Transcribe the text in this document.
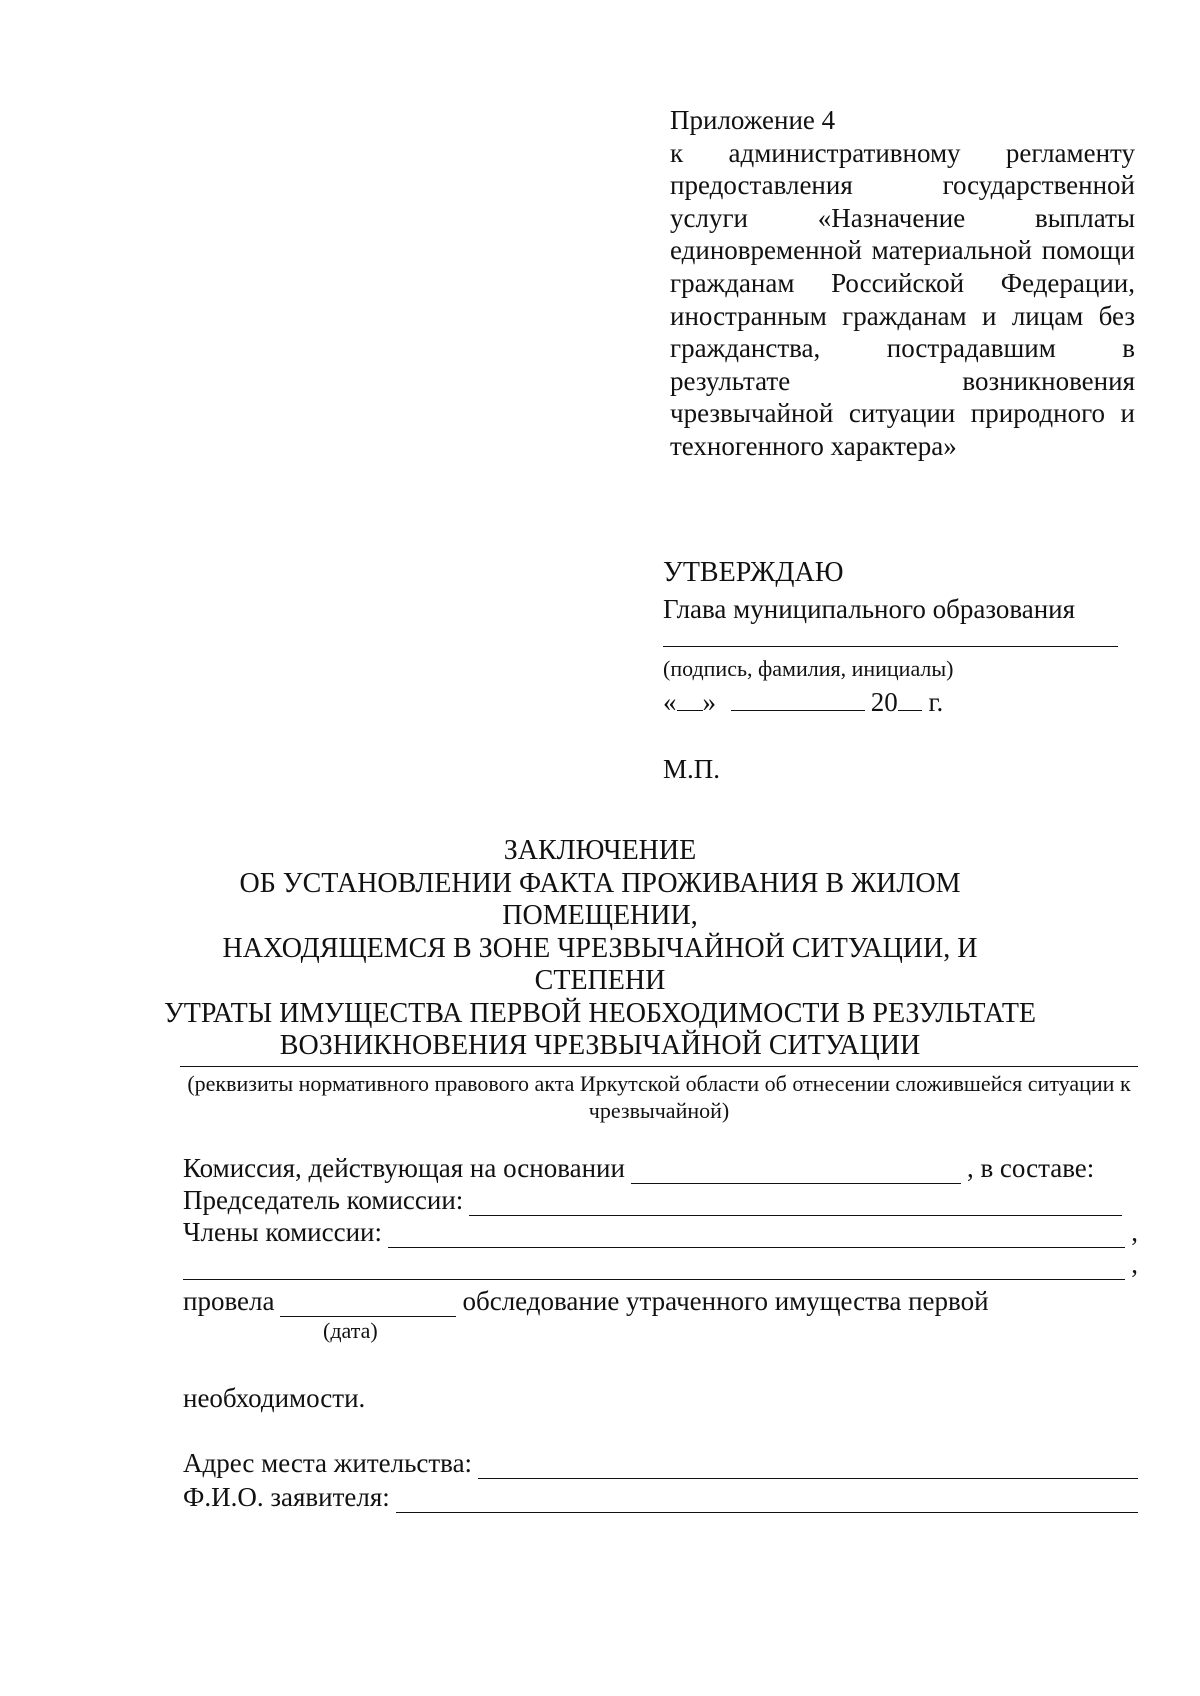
Приложение 4
к административному регламенту предоставления государственной услуги «Назначение выплаты единовременной материальной помощи гражданам Российской Федерации, иностранным гражданам и лицам без гражданства, пострадавшим в результате возникновения чрезвычайной ситуации природного и техногенного характера»
УТВЕРЖДАЮ
Глава муниципального образования
(подпись, фамилия, инициалы)
« »	20 г.
М.П.
ЗАКЛЮЧЕНИЕ
ОБ УСТАНОВЛЕНИИ ФАКТА ПРОЖИВАНИЯ В ЖИЛОМ ПОМЕЩЕНИИ,
НАХОДЯЩЕМСЯ В ЗОНЕ ЧРЕЗВЫЧАЙНОЙ СИТУАЦИИ, И СТЕПЕНИ
УТРАТЫ ИМУЩЕСТВА ПЕРВОЙ НЕОБХОДИМОСТИ В РЕЗУЛЬТАТЕ
ВОЗНИКНОВЕНИЯ ЧРЕЗВЫЧАЙНОЙ СИТУАЦИИ
(реквизиты нормативного правового акта Иркутской области об отнесении сложившейся ситуации к чрезвычайной)
Комиссия, действующая на основании	, в составе:
Председатель комиссии:
Члены комиссии:	,
,
провела	обследование утраченного имущества первой
(дата)
необходимости.
Адрес места жительства:
Ф.И.О. заявителя:
